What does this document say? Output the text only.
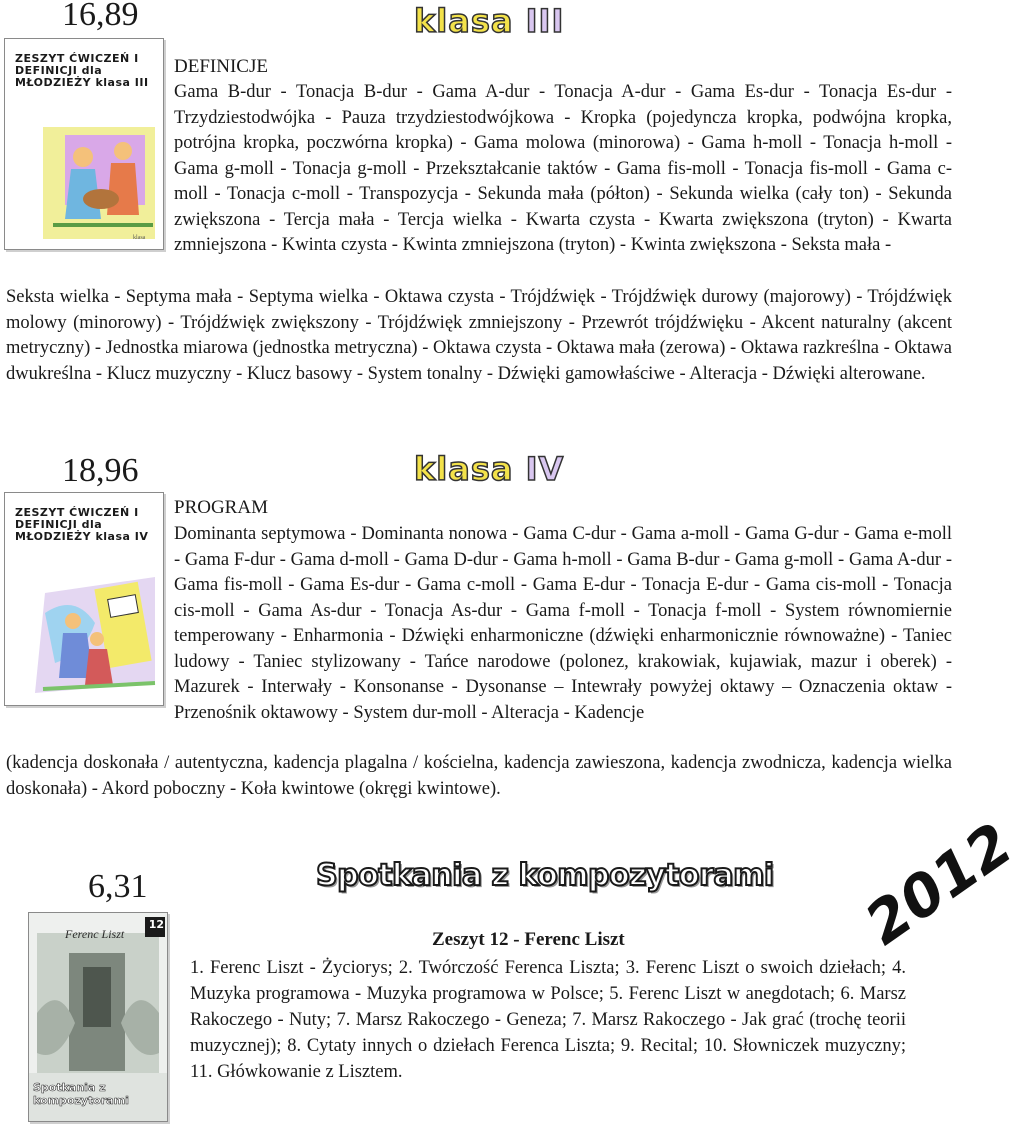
16,89	klasa III
ZESZYT ĆWICZEŃ I DEFINICJI dla MŁODZIEŻY klasa III
klasa
DEFINICJE

Gama B-dur - Tonacja B-dur - Gama A-dur - Tonacja A-dur - Gama Es-dur - Tonacja Es-dur - Trzydziestodwójka - Pauza trzydziestodwójkowa - Kropka (pojedyncza kropka, podwójna kropka, potrójna kropka, poczwórna kropka) - Gama molowa (minorowa) - Gama h-moll - Tonacja h-moll - Gama g-moll - Tonacja g-moll - Przekształcanie taktów - Gama fis-moll - Tonacja fis-moll - Gama c-moll - Tonacja c-moll - Transpozycja - Sekunda mała (półton) - Sekunda wielka (cały ton) - Sekunda zwiększona - Tercja mała - Tercja wielka - Kwarta czysta - Kwarta zwiększona (tryton) - Kwarta zmniejszona - Kwinta czysta - Kwinta zmniejszona (tryton) - Kwinta zwiększona - Seksta mała -

Seksta wielka - Septyma mała - Septyma wielka - Oktawa czysta - Trójdźwięk - Trójdźwięk durowy (majorowy) - Trójdźwięk molowy (minorowy) - Trójdźwięk zwiększony - Trójdźwięk zmniejszony - Przewrót trójdźwięku - Akcent naturalny (akcent metryczny) - Jednostka miarowa (jednostka metryczna) - Oktawa czysta - Oktawa mała (zerowa) - Oktawa razkreślna - Oktawa dwukreślna - Klucz muzyczny - Klucz basowy - System tonalny - Dźwięki gamowłaściwe - Alteracja - Dźwięki alterowane.

18,96	klasa IV
ZESZYT ĆWICZEŃ I DEFINICJI dla MŁODZIEŻY klasa IV
PROGRAM

Dominanta septymowa - Dominanta nonowa - Gama C-dur - Gama a-moll - Gama G-dur - Gama e-moll - Gama F-dur - Gama d-moll - Gama D-dur - Gama h-moll - Gama B-dur - Gama g-moll - Gama A-dur - Gama fis-moll - Gama Es-dur - Gama c-moll - Gama E-dur - Tonacja E-dur - Gama cis-moll - Tonacja cis-moll - Gama As-dur - Tonacja As-dur - Gama f-moll - Tonacja f-moll - System równomiernie temperowany - Enharmonia - Dźwięki enharmoniczne (dźwięki enharmonicznie równoważne) - Taniec ludowy - Taniec stylizowany - Tańce narodowe (polonez, krakowiak, kujawiak, mazur i oberek) - Mazurek - Interwały - Konsonanse - Dysonanse – Intewrały powyżej oktawy – Oznaczenia oktaw - Przenośnik oktawowy - System dur-moll - Alteracja - Kadencje

(kadencja doskonała / autentyczna, kadencja plagalna / kościelna, kadencja zawieszona, kadencja zwodnicza, kadencja wielka doskonała) - Akord poboczny - Koła kwintowe (okręgi kwintowe).

6,31	Spotkania z kompozytorami 2012
12
Ferenc Liszt
Spotkania z kompozytorami
Zeszyt 12 - Ferenc Liszt

1. Ferenc Liszt - Życiorys; 2. Twórczość Ferenca Liszta; 3. Ferenc Liszt o swoich dziełach; 4. Muzyka programowa - Muzyka programowa w Polsce; 5. Ferenc Liszt w anegdotach; 6. Marsz Rakoczego - Nuty; 7. Marsz Rakoczego - Geneza; 7. Marsz Rakoczego - Jak grać (trochę teorii muzycznej); 8. Cytaty innych o dziełach Ferenca Liszta; 9. Recital; 10. Słowniczek muzyczny; 11. Główkowanie z Lisztem.
